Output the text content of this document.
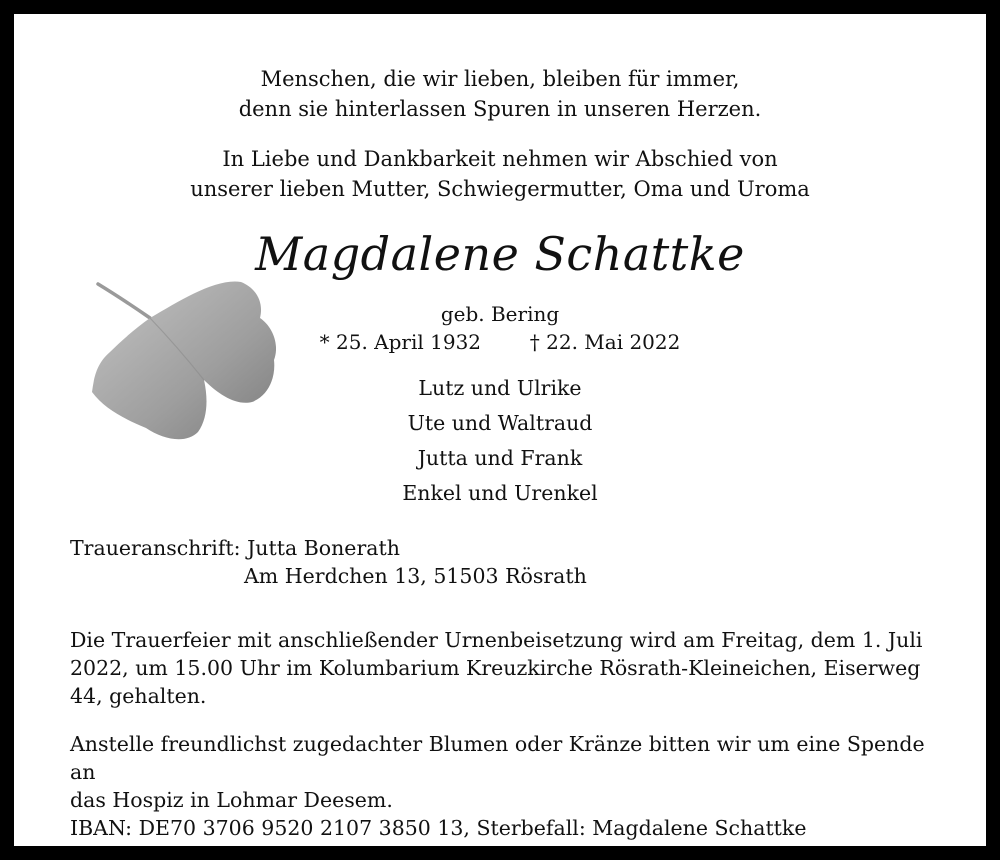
Menschen, die wir lieben, bleiben für immer,
denn sie hinterlassen Spuren in unseren Herzen.
In Liebe und Dankbarkeit nehmen wir Abschied von
unserer lieben Mutter, Schwiegermutter, Oma und Uroma
Magdalene Schattke
geb. Bering
* 25. April 1932 † 22. Mai 2022
Lutz und Ulrike
Ute und Waltraud
Jutta und Frank
Enkel und Urenkel
Traueranschrift: Jutta Bonerath
Am Herdchen 13, 51503 Rösrath
Die Trauerfeier mit anschließender Urnenbeisetzung wird am Freitag, dem 1. Juli
2022, um 15.00 Uhr im Kolumbarium Kreuzkirche Rösrath-Kleineichen, Eiserweg
44, gehalten.
Anstelle freundlichst zugedachter Blumen oder Kränze bitten wir um eine Spende an
das Hospiz in Lohmar Deesem.
IBAN: DE70 3706 9520 2107 3850 13, Sterbefall: Magdalene Schattke
